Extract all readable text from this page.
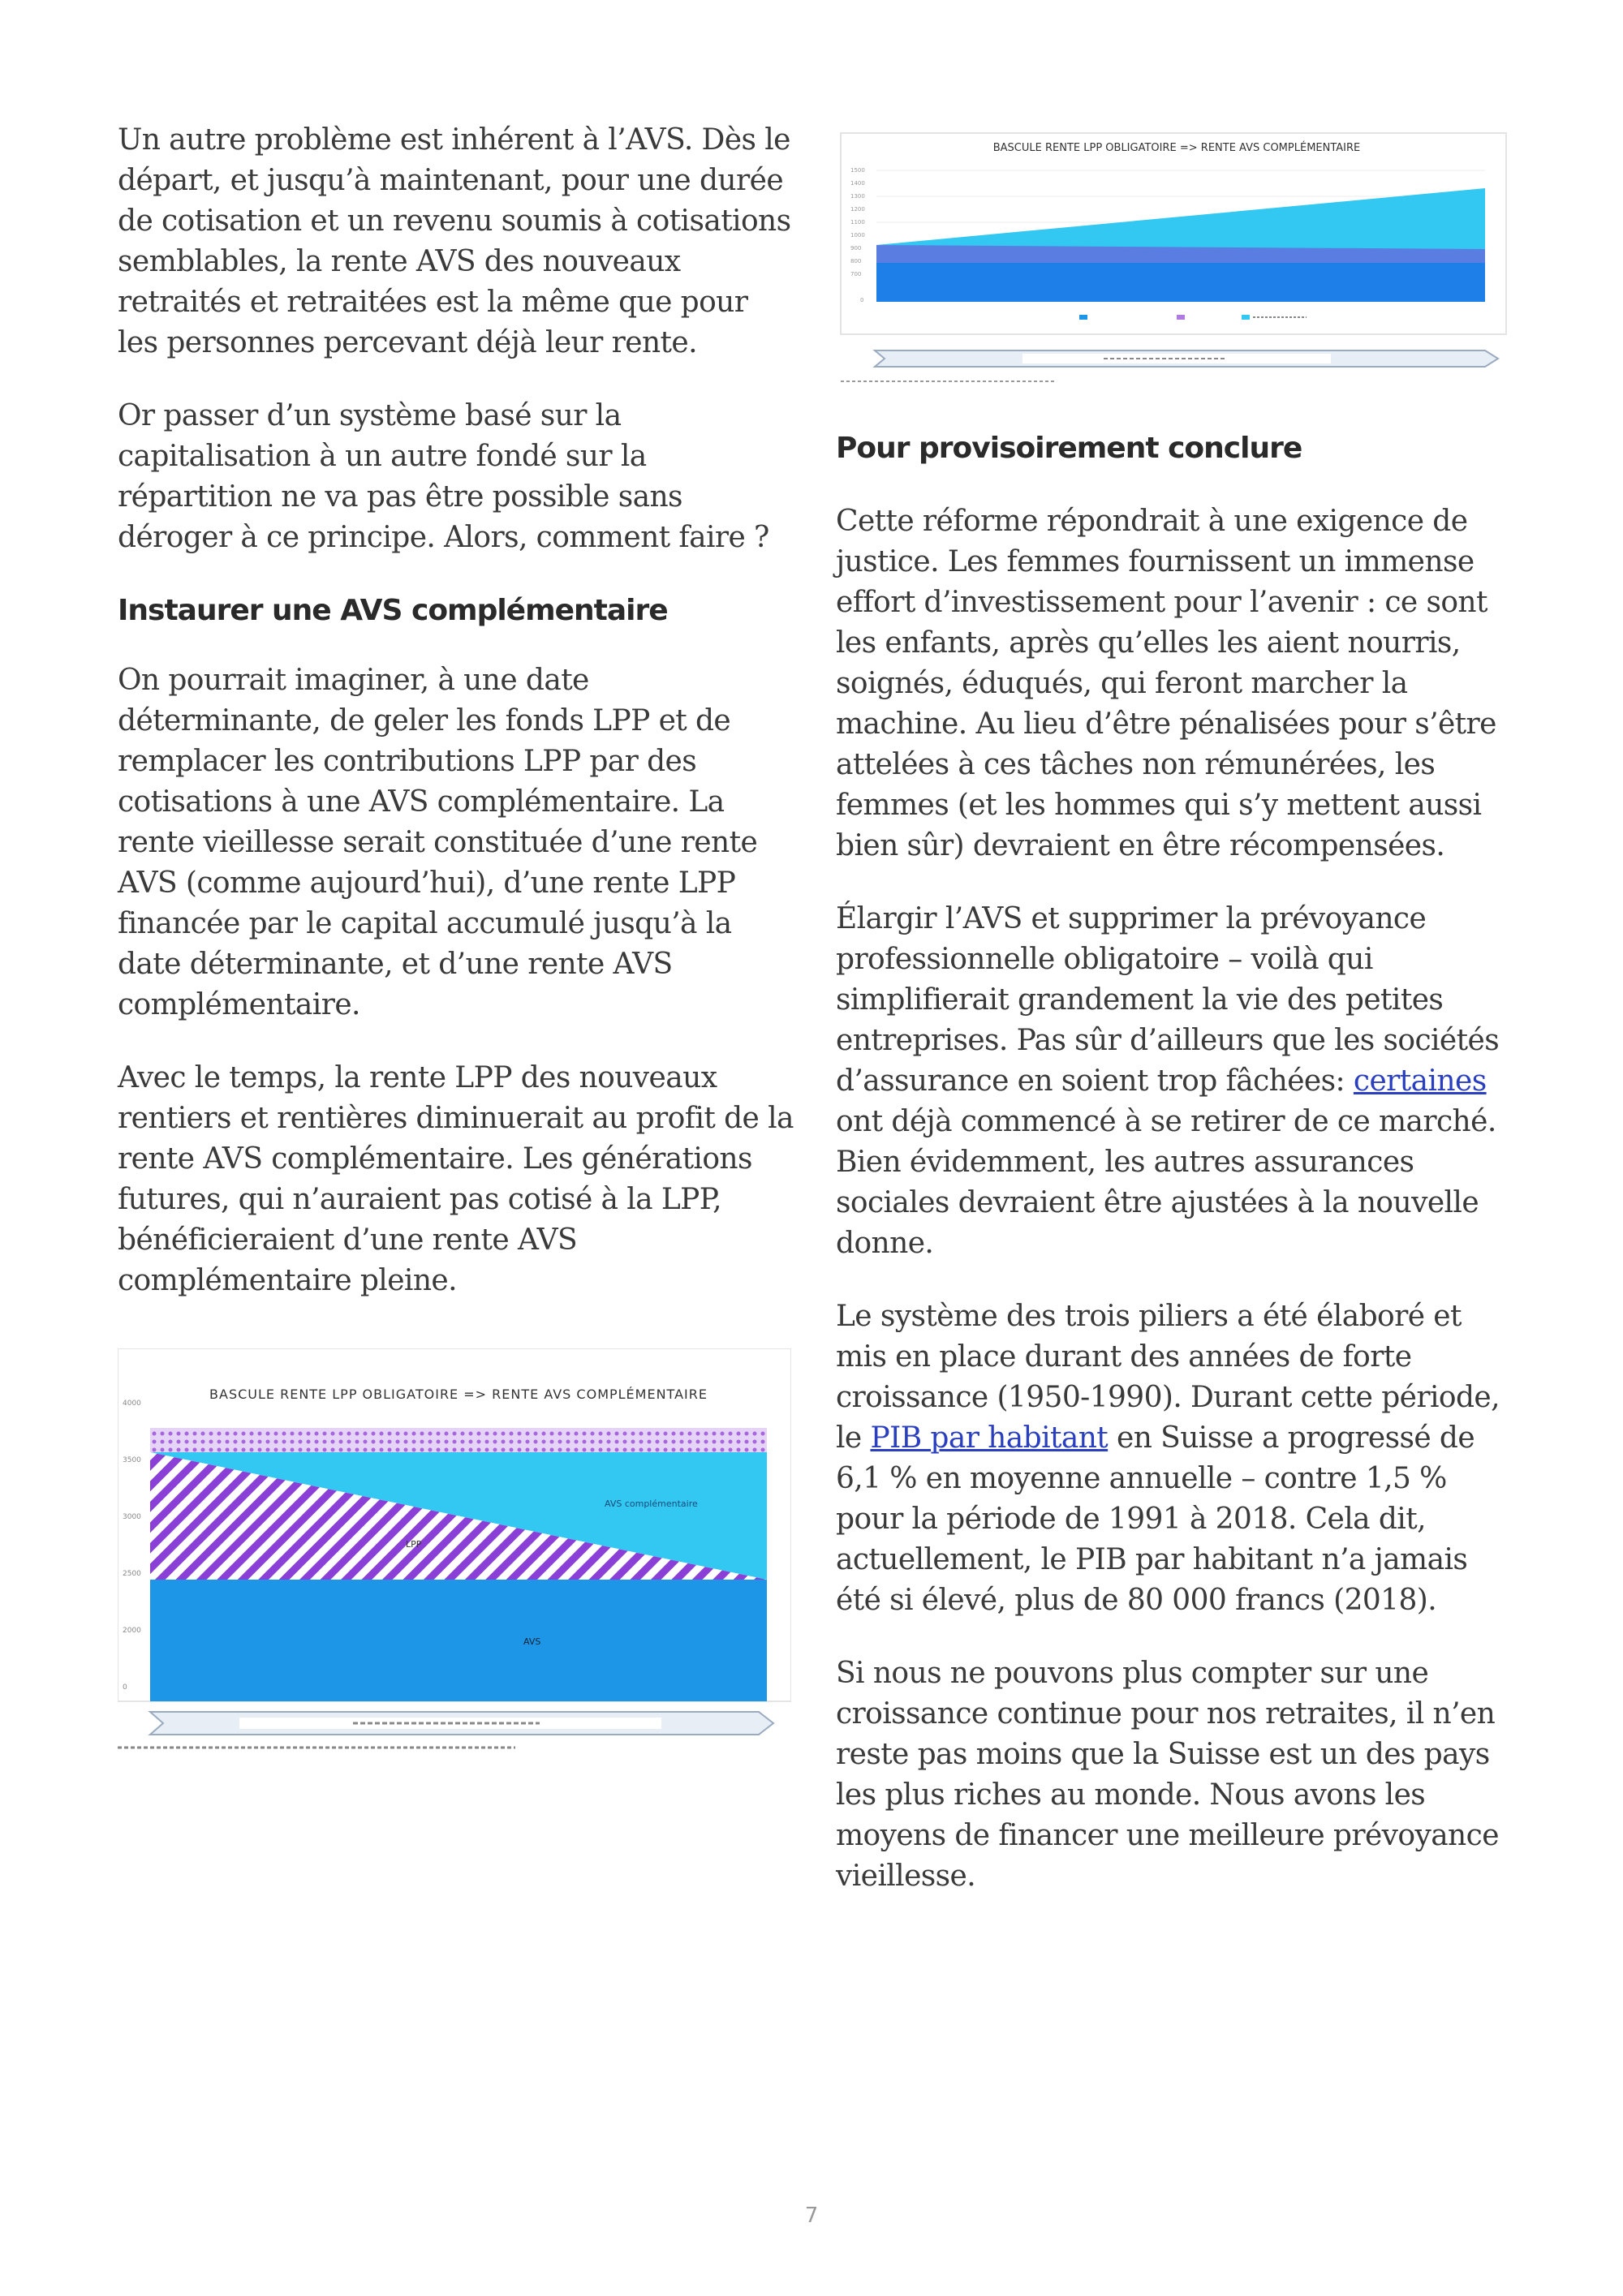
Un autre problème est inhérent à l’AVS. Dès le départ, et jusqu’à maintenant, pour une durée de cotisation et un revenu soumis à cotisations semblables, la rente AVS des nouveaux retraités et retraitées est la même que pour les personnes percevant déjà leur rente.

Or passer d’un système basé sur la capitalisation à un autre fondé sur la répartition ne va pas être possible sans déroger à ce principe. Alors, comment faire ?

Instaurer une AVS complémentaire

On pourrait imaginer, à une date déterminante, de geler les fonds LPP et de remplacer les contributions LPP par des cotisations à une AVS complémentaire. La rente vieillesse serait constituée d’une rente AVS (comme aujourd’hui), d’une rente LPP financée par le capital accumulé jusqu’à la date déterminante, et d’une rente AVS complémentaire.

Avec le temps, la rente LPP des nouveaux rentiers et rentières diminuerait au profit de la rente AVS complémentaire. Les générations futures, qui n’auraient pas cotisé à la LPP, bénéficieraient d’une rente AVS complémentaire pleine.

BASCULE RENTE LPP OBLIGATOIRE => RENTE AVS COMPLÉMENTAIRE
4000
3500
3000
2500
2000
0
AVS complémentaire
LPP
AVS
BASCULE RENTE LPP OBLIGATOIRE => RENTE AVS COMPLÉMENTAIRE
1500
1400
1300
1200
1100
1000
900
800
700
0
Pour provisoirement conclure

Cette réforme répondrait à une exigence de justice. Les femmes fournissent un immense effort d’investissement pour l’avenir : ce sont les enfants, après qu’elles les aient nourris, soignés, éduqués, qui feront marcher la machine. Au lieu d’être pénalisées pour s’être attelées à ces tâches non rémunérées, les femmes (et les hommes qui s’y mettent aussi bien sûr) devraient en être récompensées.

Élargir l’AVS et supprimer la prévoyance professionnelle obligatoire – voilà qui simplifierait grandement la vie des petites entreprises. Pas sûr d’ailleurs que les sociétés d’assurance en soient trop fâchées: certaines ont déjà commencé à se retirer de ce marché. Bien évidemment, les autres assurances sociales devraient être ajustées à la nouvelle donne.

Le système des trois piliers a été élaboré et mis en place durant des années de forte croissance (1950-1990). Durant cette période, le PIB par habitant en Suisse a progressé de 6,1 % en moyenne annuelle – contre 1,5 % pour la période de 1991 à 2018. Cela dit, actuellement, le PIB par habitant n’a jamais été si élevé, plus de 80 000 francs (2018).

Si nous ne pouvons plus compter sur une croissance continue pour nos retraites, il n’en reste pas moins que la Suisse est un des pays les plus riches au monde. Nous avons les moyens de financer une meilleure prévoyance vieillesse.

7
